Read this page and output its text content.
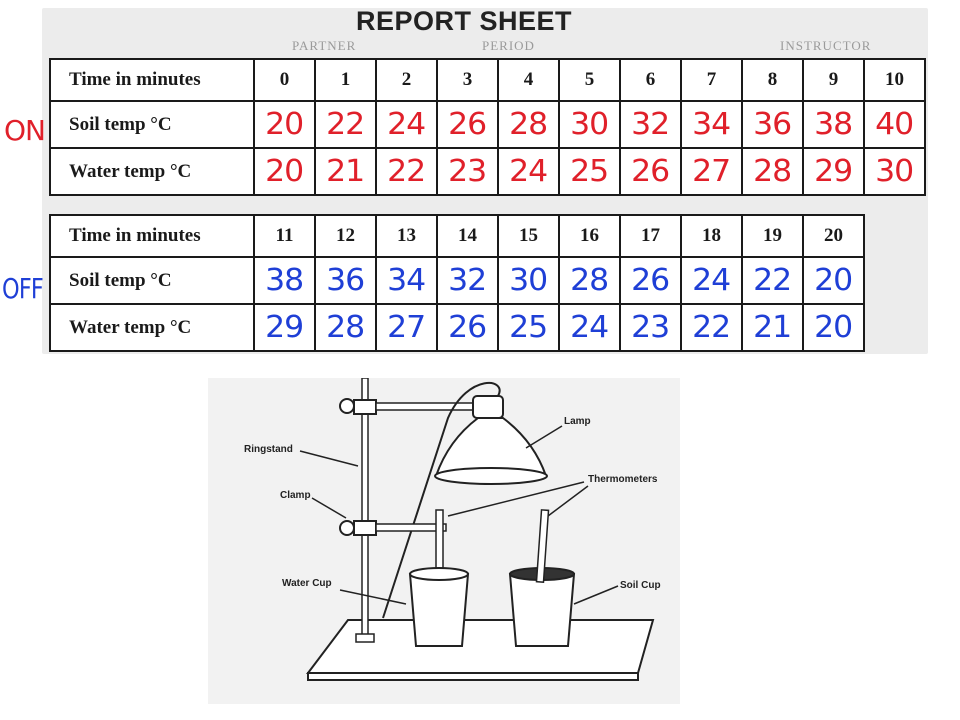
INSTRUCTOR
PERIOD
PARTNER
REPORT SHEET
ON
OFF
Time in minutes	0	1	2	3	4	5	6	7	8	9	10
Soil temp °C	20	22	24	26	28	30	32	34	36	38	40
Water temp °C	20	21	22	23	24	25	26	27	28	29	30
Time in minutes	11	12	13	14	15	16	17	18	19	20
Soil temp °C	38	36	34	32	30	28	26	24	22	20
Water temp °C	29	28	27	26	25	24	23	22	21	20
Ringstand
Clamp
Water Cup
Lamp
Thermometers
Soil Cup
